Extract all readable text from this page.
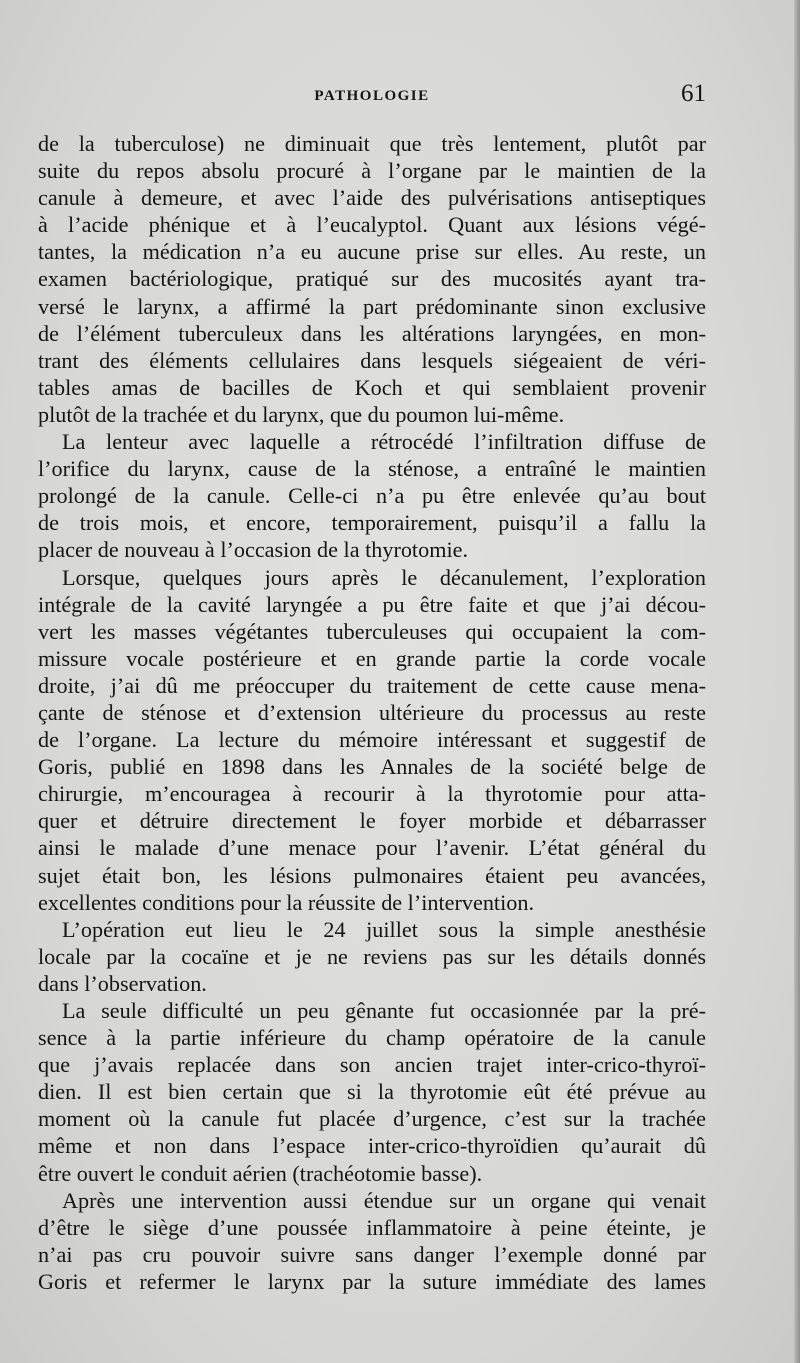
PATHOLOGIE	61
de la tuberculose) ne diminuait que très lentement, plutôt par
suite du repos absolu procuré à l’organe par le maintien de la
canule à demeure, et avec l’aide des pulvérisations antiseptiques
à l’acide phénique et à l’eucalyptol. Quant aux lésions végé-
tantes, la médication n’a eu aucune prise sur elles. Au reste, un
examen bactériologique, pratiqué sur des mucosités ayant tra-
versé le larynx, a affirmé la part prédominante sinon exclusive
de l’élément tuberculeux dans les altérations laryngées, en mon-
trant des éléments cellulaires dans lesquels siégeaient de véri-
tables amas de bacilles de Koch et qui semblaient provenir
plutôt de la trachée et du larynx, que du poumon lui-même.
La lenteur avec laquelle a rétrocédé l’infiltration diffuse de
l’orifice du larynx, cause de la sténose, a entraîné le maintien
prolongé de la canule. Celle-ci n’a pu être enlevée qu’au bout
de trois mois, et encore, temporairement, puisqu’il a fallu la
placer de nouveau à l’occasion de la thyrotomie.
Lorsque, quelques jours après le décanulement, l’exploration
intégrale de la cavité laryngée a pu être faite et que j’ai décou-
vert les masses végétantes tuberculeuses qui occupaient la com-
missure vocale postérieure et en grande partie la corde vocale
droite, j’ai dû me préoccuper du traitement de cette cause mena-
çante de sténose et d’extension ultérieure du processus au reste
de l’organe. La lecture du mémoire intéressant et suggestif de
Goris, publié en 1898 dans les Annales de la société belge de
chirurgie, m’encouragea à recourir à la thyrotomie pour atta-
quer et détruire directement le foyer morbide et débarrasser
ainsi le malade d’une menace pour l’avenir. L’état général du
sujet était bon, les lésions pulmonaires étaient peu avancées,
excellentes conditions pour la réussite de l’intervention.
L’opération eut lieu le 24 juillet sous la simple anesthésie
locale par la cocaïne et je ne reviens pas sur les détails donnés
dans l’observation.
La seule difficulté un peu gênante fut occasionnée par la pré-
sence à la partie inférieure du champ opératoire de la canule
que j’avais replacée dans son ancien trajet inter-crico-thyroï-
dien. Il est bien certain que si la thyrotomie eût été prévue au
moment où la canule fut placée d’urgence, c’est sur la trachée
même et non dans l’espace inter-crico-thyroïdien qu’aurait dû
être ouvert le conduit aérien (trachéotomie basse).
Après une intervention aussi étendue sur un organe qui venait
d’être le siège d’une poussée inflammatoire à peine éteinte, je
n’ai pas cru pouvoir suivre sans danger l’exemple donné par
Goris et refermer le larynx par la suture immédiate des lames
